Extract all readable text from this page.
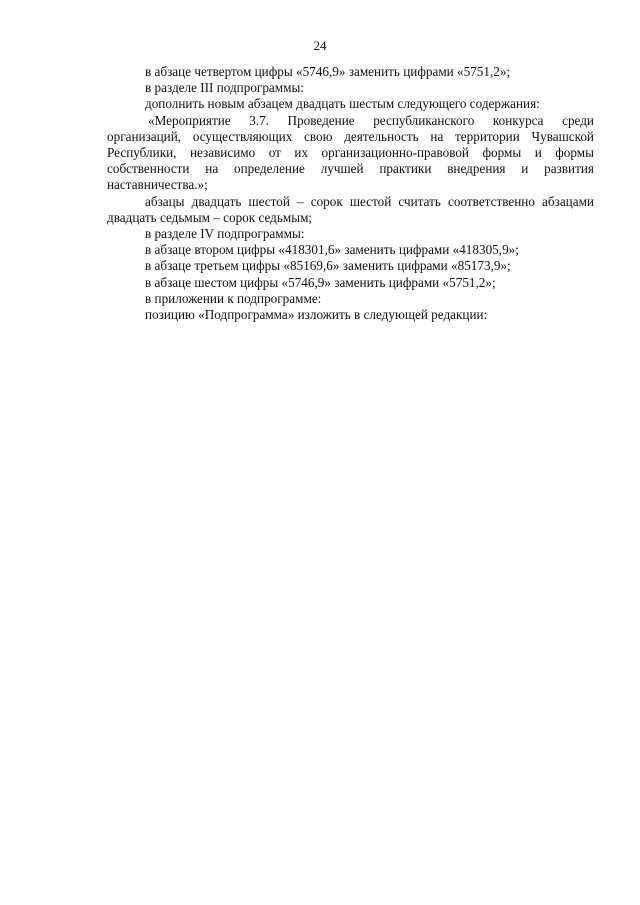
24

в абзаце четвертом цифры «5746,9» заменить цифрами «5751,2»;

в разделе III подпрограммы:

дополнить новым абзацем двадцать шестым следующего содержания:

«Мероприятие 3.7. Проведение республиканского конкурса среди организаций, осуществляющих свою деятельность на территории Чувашской Республики, независимо от их организационно-правовой формы и формы собственности на определение лучшей практики внедрения и развития наставничества.»;

абзацы двадцать шестой – сорок шестой считать соответственно абзацами двадцать седьмым – сорок седьмым;

в разделе IV подпрограммы:

в абзаце втором цифры «418301,6» заменить цифрами «418305,9»;

в абзаце третьем цифры «85169,6» заменить цифрами «85173,9»;

в абзаце шестом цифры «5746,9» заменить цифрами «5751,2»;

в приложении к подпрограмме:

позицию «Подпрограмма» изложить в следующей редакции:
